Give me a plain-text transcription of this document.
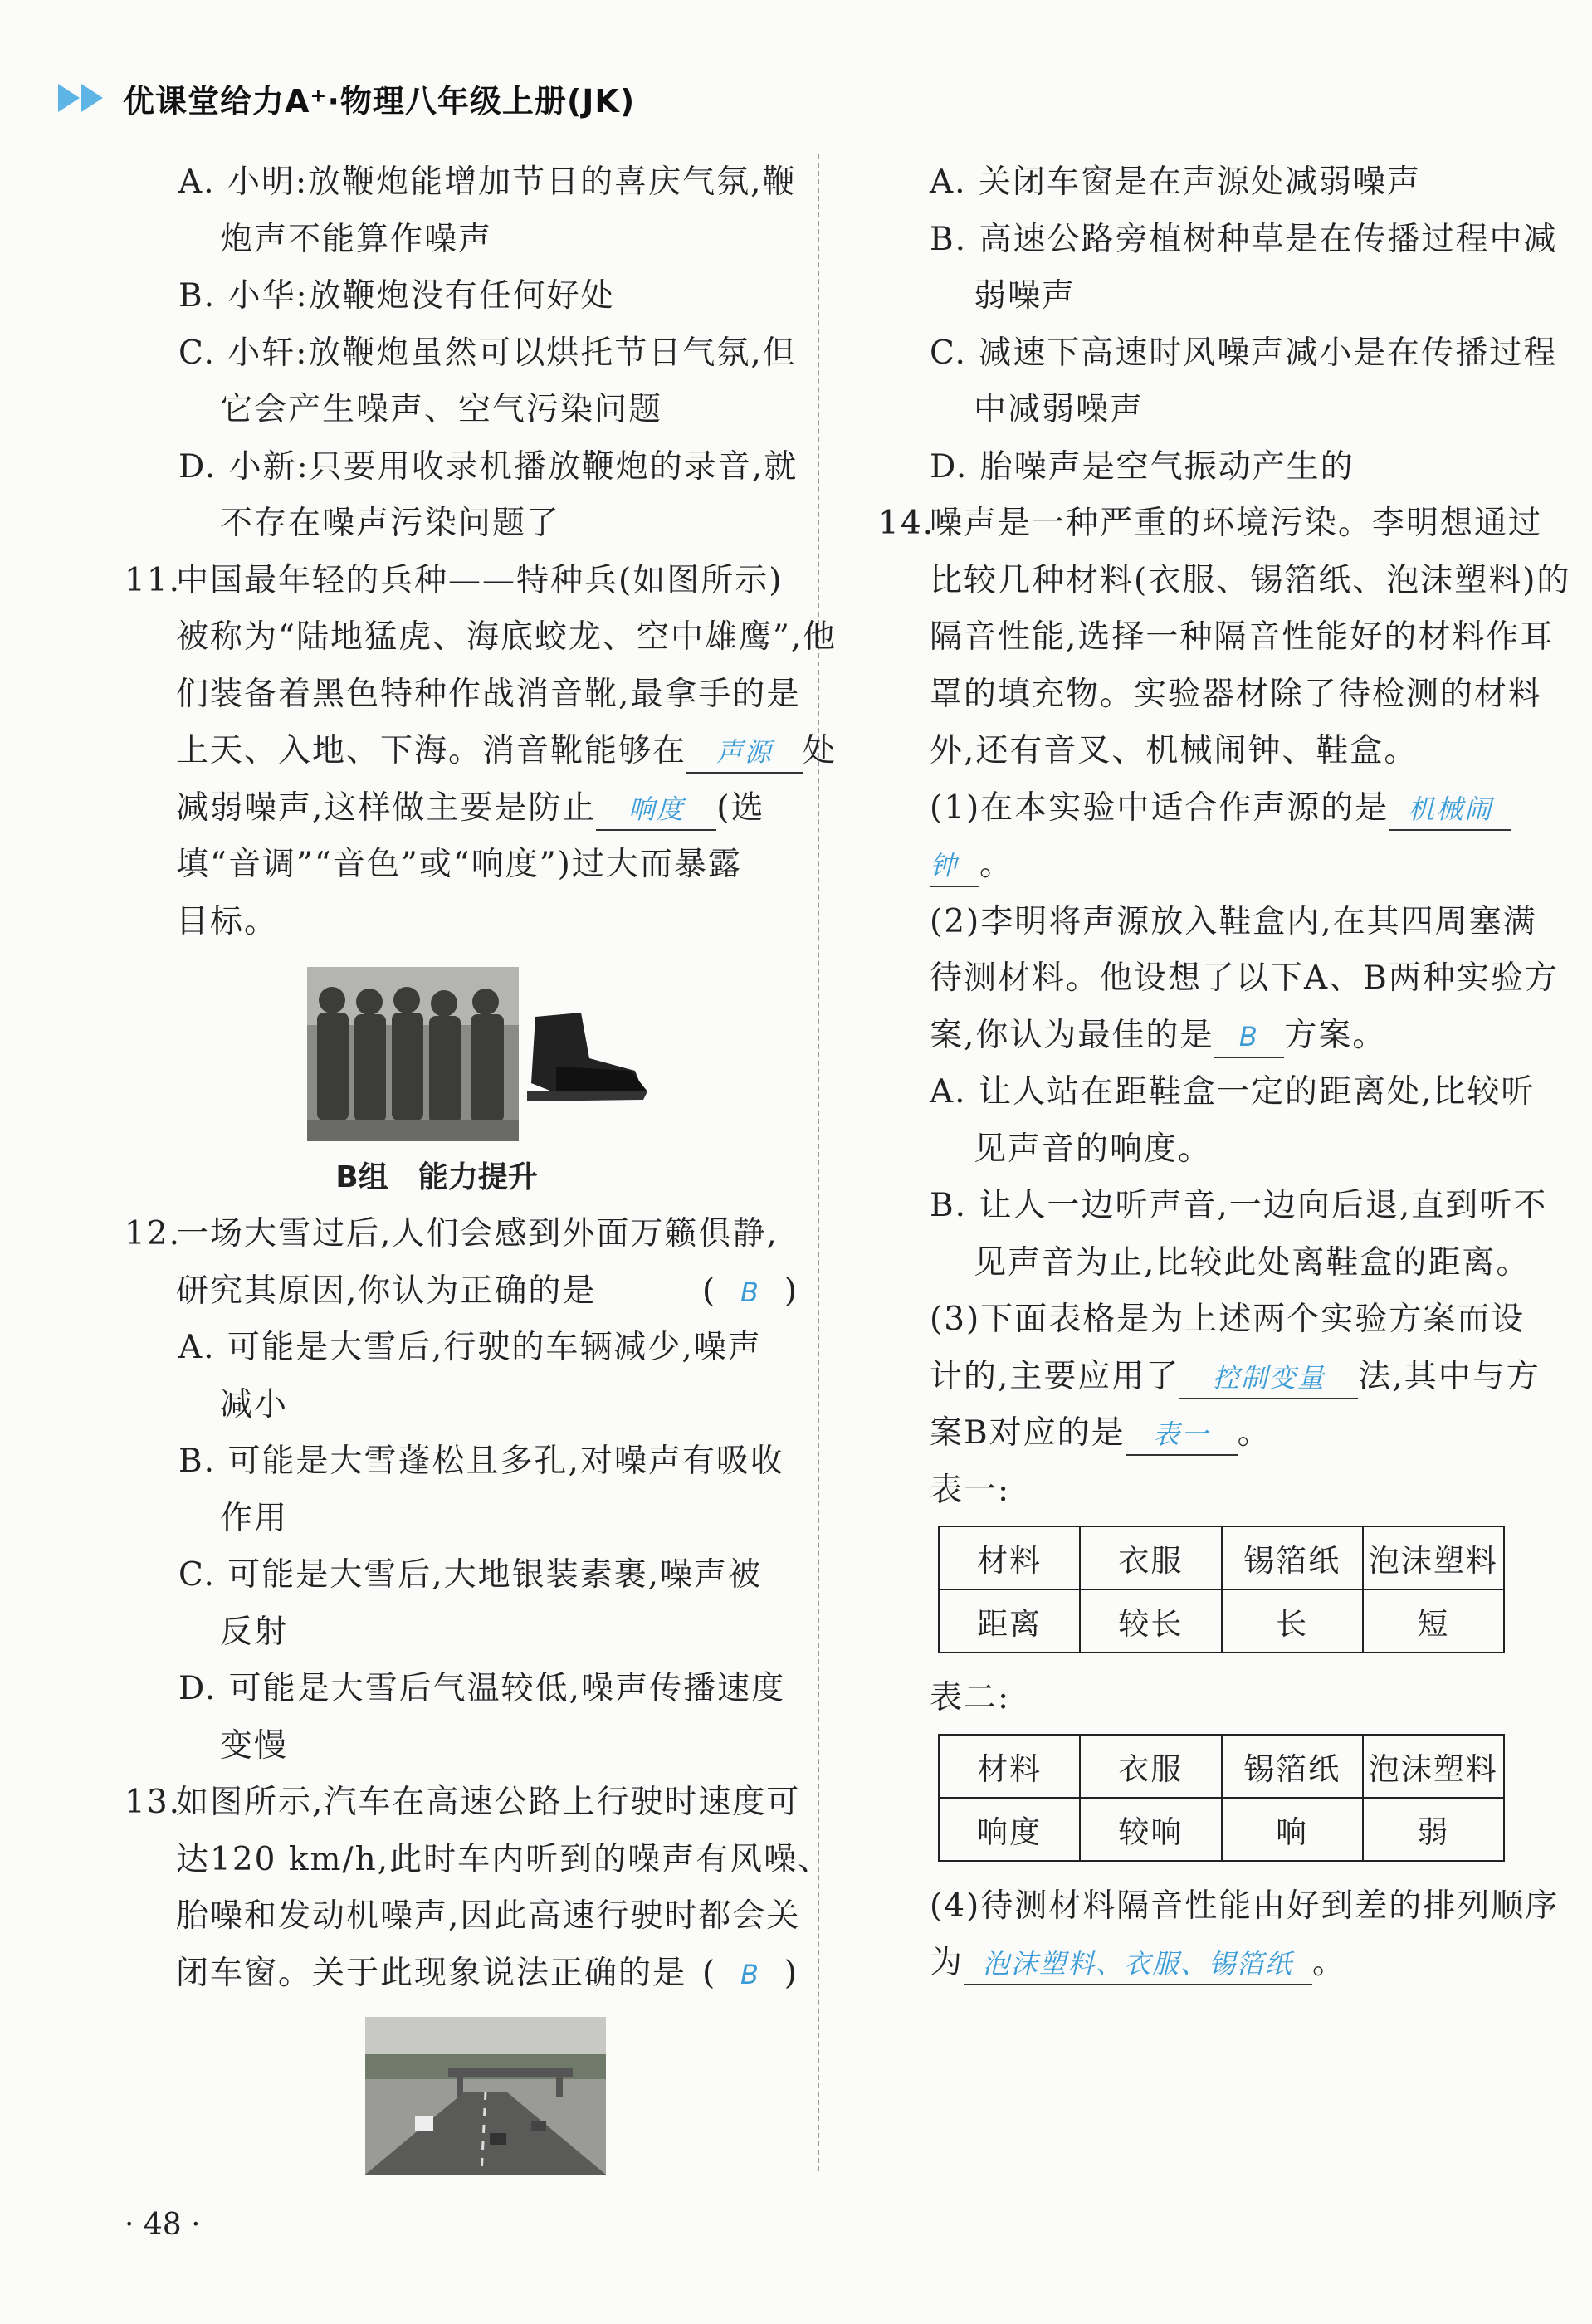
优课堂给力A⁺·物理八年级上册(JK)
A. 小明:放鞭炮能增加节日的喜庆气氛,鞭
炮声不能算作噪声
B. 小华:放鞭炮没有任何好处
C. 小轩:放鞭炮虽然可以烘托节日气氛,但
它会产生噪声、空气污染问题
D. 小新:只要用收录机播放鞭炮的录音,就
不存在噪声污染问题了
11.中国最年轻的兵种——特种兵(如图所示)
被称为“陆地猛虎、海底蛟龙、空中雄鹰”,他
们装备着黑色特种作战消音靴,最拿手的是
上天、入地、下海。消音靴能够在 声源 处
减弱噪声,这样做主要是防止 响度 (选
填“音调”“音色”或“响度”)过大而暴露
目标。
B组　能力提升
12.一场大雪过后,人们会感到外面万籁俱静,
研究其原因,你认为正确的是	(  B  )
A. 可能是大雪后,行驶的车辆减少,噪声
减小
B. 可能是大雪蓬松且多孔,对噪声有吸收
作用
C. 可能是大雪后,大地银装素裹,噪声被
反射
D. 可能是大雪后气温较低,噪声传播速度
变慢
13.如图所示,汽车在高速公路上行驶时速度可
达120 km/h,此时车内听到的噪声有风噪、
胎噪和发动机噪声,因此高速行驶时都会关
闭车窗。关于此现象说法正确的是 (  B  )
A. 关闭车窗是在声源处减弱噪声
B. 高速公路旁植树种草是在传播过程中减
弱噪声
C. 减速下高速时风噪声减小是在传播过程
中减弱噪声
D. 胎噪声是空气振动产生的
14.噪声是一种严重的环境污染。李明想通过
比较几种材料(衣服、锡箔纸、泡沫塑料)的
隔音性能,选择一种隔音性能好的材料作耳
罩的填充物。实验器材除了待检测的材料
外,还有音叉、机械闹钟、鞋盒。
(1)在本实验中适合作声源的是 机械闹
钟 。
(2)李明将声源放入鞋盒内,在其四周塞满
待测材料。他设想了以下A、B两种实验方
案,你认为最佳的是 B 方案。
A. 让人站在距鞋盒一定的距离处,比较听
见声音的响度。
B. 让人一边听声音,一边向后退,直到听不
见声音为止,比较此处离鞋盒的距离。
(3)下面表格是为上述两个实验方案而设
计的,主要应用了 控制变量 法,其中与方
案B对应的是 表一 。
表一:
材料	衣服	锡箔纸	泡沫塑料
距离	较长	长	短
表二:
材料	衣服	锡箔纸	泡沫塑料
响度	较响	响	弱
(4)待测材料隔音性能由好到差的排列顺序
为 泡沫塑料、衣服、锡箔纸 。
· 48 ·
